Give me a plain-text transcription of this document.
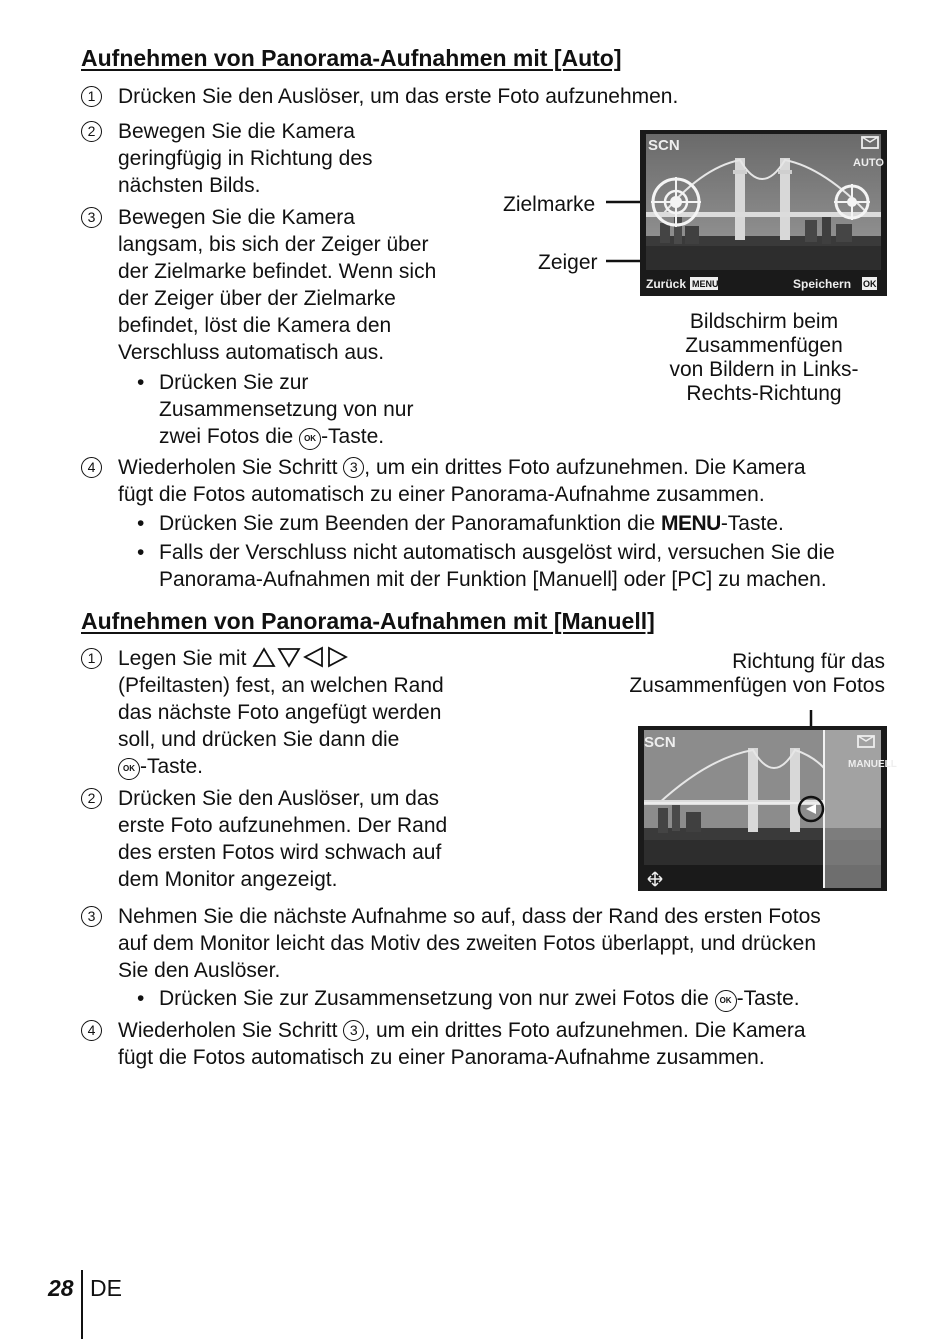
Aufnehmen von Panorama-Aufnahmen mit [Auto]
1	Drücken Sie den Auslöser, um das erste Foto aufzunehmen.
2	Bewegen Sie die Kamera
geringfügig in Richtung des
nächsten Bilds.
3	Bewegen Sie die Kamera
langsam, bis sich der Zeiger über
der Zielmarke befindet. Wenn sich
der Zeiger über der Zielmarke
befindet, löst die Kamera den
Verschluss automatisch aus.
• Drücken Sie zur
Zusammensetzung von nur
zwei Fotos die OK -Taste.
Zielmarke
Zeiger
SCN
AUTO
Zurück MENU	Speichern OK
Bildschirm beim
Zusammenfügen
von Bildern in Links-
Rechts-Richtung
4	Wiederholen Sie Schritt 3 , um ein drittes Foto aufzunehmen. Die Kamera
fügt die Fotos automatisch zu einer Panorama-Aufnahme zusammen.
• Drücken Sie zum Beenden der Panoramafunktion die MENU-Taste.
• Falls der Verschluss nicht automatisch ausgelöst wird, versuchen Sie die
Panorama-Aufnahmen mit der Funktion [Manuell] oder [PC] zu machen.
Aufnehmen von Panorama-Aufnahmen mit [Manuell]
1	Legen Sie mit
(Pfeiltasten) fest, an welchen Rand
das nächste Foto angefügt werden
soll, und drücken Sie dann die
OK -Taste.
2	Drücken Sie den Auslöser, um das
erste Foto aufzunehmen. Der Rand
des ersten Fotos wird schwach auf
dem Monitor angezeigt.
Richtung für das
Zusammenfügen von Fotos
SCN
MANUELL
3	Nehmen Sie die nächste Aufnahme so auf, dass der Rand des ersten Fotos
auf dem Monitor leicht das Motiv des zweiten Fotos überlappt, und drücken
Sie den Auslöser.
• Drücken Sie zur Zusammensetzung von nur zwei Fotos die OK -Taste.
4	Wiederholen Sie Schritt 3 , um ein drittes Foto aufzunehmen. Die Kamera
fügt die Fotos automatisch zu einer Panorama-Aufnahme zusammen.
28 DE
